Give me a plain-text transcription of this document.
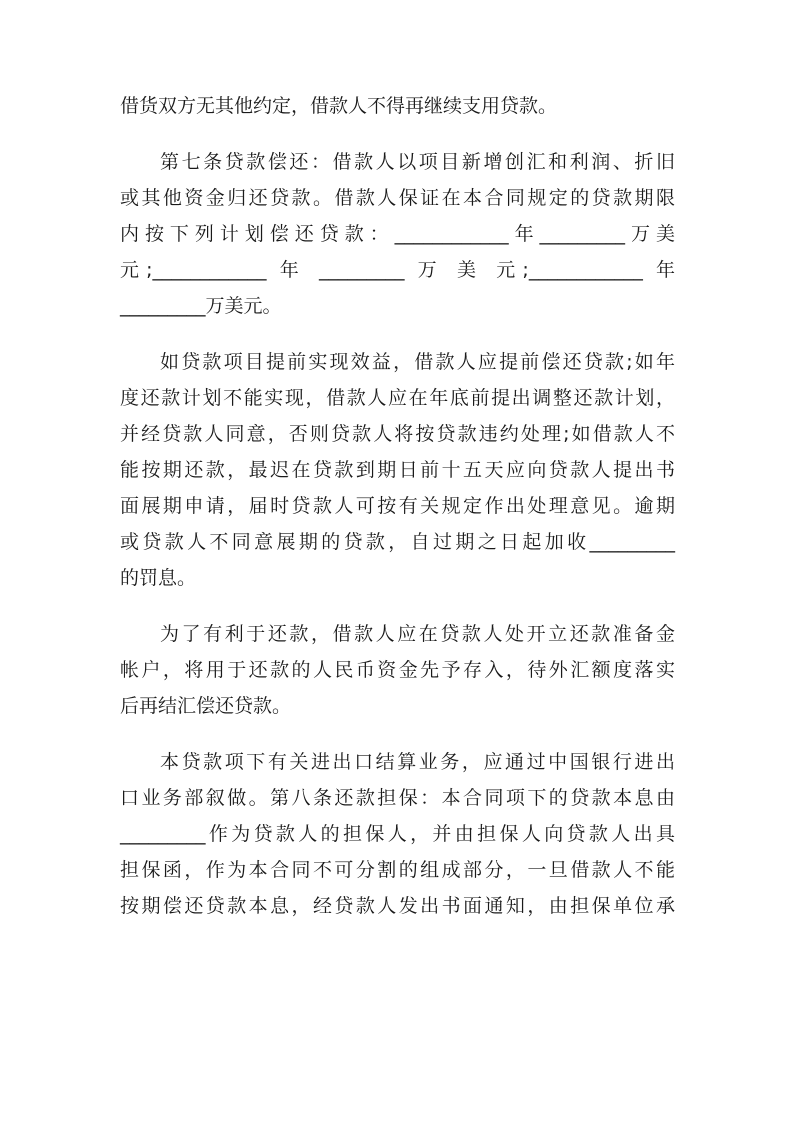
借货双方无其他约定，借款人不得再继续支用贷款。
第七条贷款偿还：借款人以项目新增创汇和利润、折旧
或其他资金归还贷款。借款人保证在本合同规定的贷款期限
内按下列计划偿还贷款：____________年_________万美
元;____________ 年 _________ 万 美 元;____________ 年
_________万美元。
如贷款项目提前实现效益，借款人应提前偿还贷款;如年
度还款计划不能实现，借款人应在年底前提出调整还款计划，
并经贷款人同意，否则贷款人将按贷款违约处理;如借款人不
能按期还款，最迟在贷款到期日前十五天应向贷款人提出书
面展期申请，届时贷款人可按有关规定作出处理意见。逾期
或贷款人不同意展期的贷款，自过期之日起加收_________
的罚息。
为了有利于还款，借款人应在贷款人处开立还款准备金
帐户，将用于还款的人民币资金先予存入，待外汇额度落实
后再结汇偿还贷款。
本贷款项下有关进出口结算业务，应通过中国银行进出
口业务部叙做。第八条还款担保：本合同项下的贷款本息由
_________作为贷款人的担保人，并由担保人向贷款人出具
担保函，作为本合同不可分割的组成部分，一旦借款人不能
按期偿还贷款本息，经贷款人发出书面通知，由担保单位承
